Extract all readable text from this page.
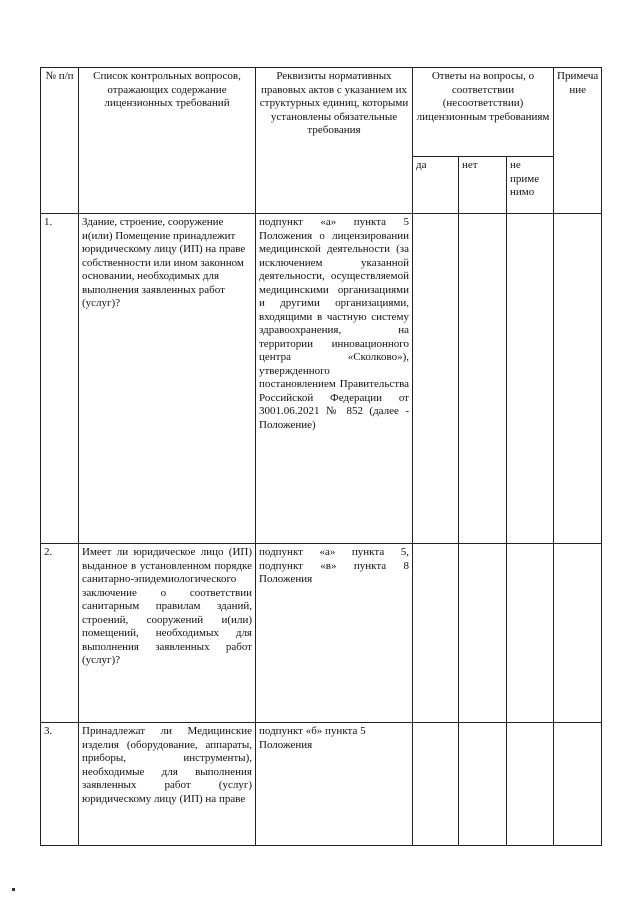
№ п/п	Список контрольных вопросов, отражающих содержание лицензионных требований	Реквизиты нормативных правовых актов с указанием их структурных единиц, которыми установлены обязательные требования	Ответы на вопросы, о соответствии (несоответствии) лицензионным требованиям			Примеча ние
			да	нет	не приме нимо	
1.	Здание, строение, сооружение и(или) Помещение принадлежит юридическому лицу (ИП) на праве собственности или ином законном основании, необходимых для выполнения заявленных работ (услуг)?	подпункт «а» пункта 5 Положения о лицензировании медицинской деятельности (за исключением указанной деятельности, осуществляемой медицинскими организациями и другими организациями, входящими в частную систему здравоохранения, на территории инновационного центра «Сколково»), утвержденного постановлением Правительства Российской Федерации от 3001.06.2021 № 852 (далее - Положение)				
2.	Имеет ли юридическое лицо (ИП) выданное в установленном порядке санитарно-эпидемиологического заключение о соответствии санитарным правилам зданий, строений, сооружений и(или) помещений, необходимых для выполнения заявленных работ (услуг)?	подпункт «а» пункта 5, подпункт «в» пункта 8 Положения				
3.	Принадлежат ли Медицинские изделия (оборудование, аппараты, приборы, инструменты), необходимые для выполнения заявленных работ (услуг) юридическому лицу (ИП) на праве	подпункт «б» пункта 5 Положения				
